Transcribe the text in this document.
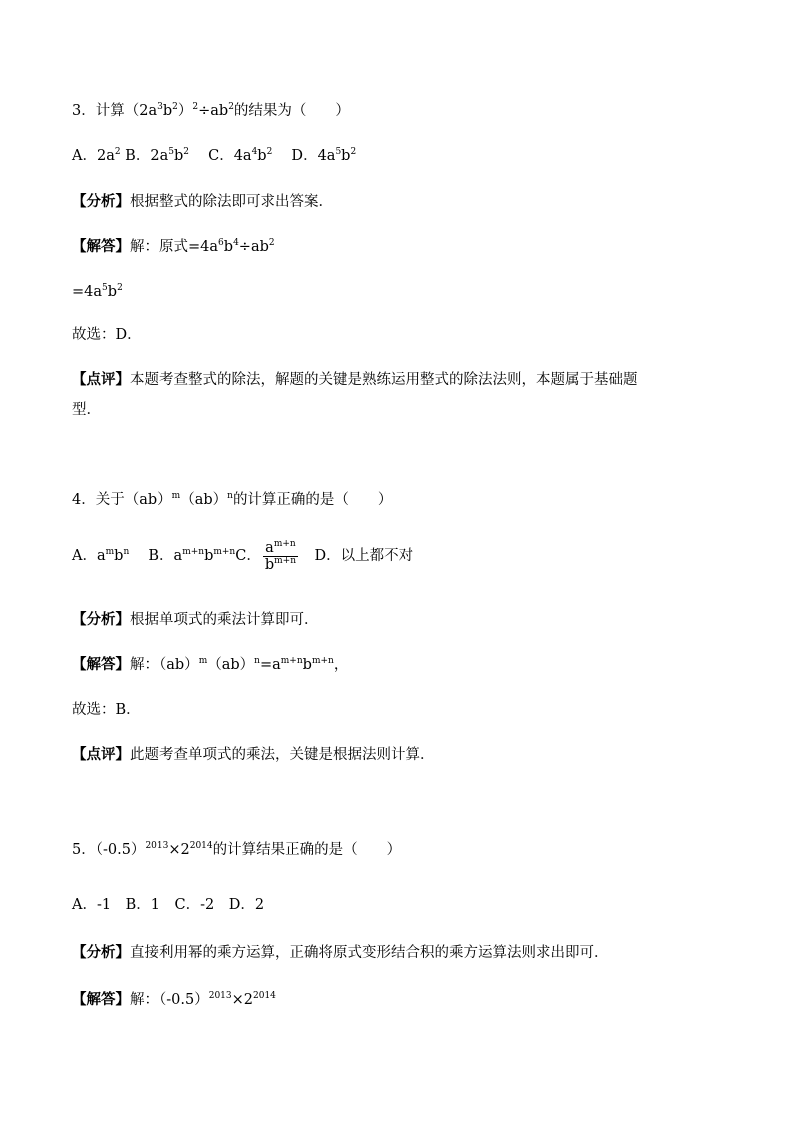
3．计算$(2a^3b^2)^2\div ab^2$的结果为（　　）
A．$2a^2$ B．$2a^5b^2$　 C．$4a^4b^2$　 D．$4a^5b^2$
【分析】根据整式的除法即可求出答案．
【解答】解：原式$=4a^6b^4\div ab^2$
$=4a^5b^2$
故选：D．
【点评】本题考查整式的除法，解题的关键是熟练运用整式的除法法则，本题属于基础题
型．
4．关于（ab）$^m$（ab）$^n$的计算正确的是（　　）
A．$a^mb^n$　 B．$a^{m+n}b^{m+n}C$． $\frac{a^{m+n}}{b^{m+n}}$ 　D．以上都不对
【分析】根据单项式的乘法计算即可．
【解答】解：$(ab)^m(ab)^n=a^{m+n}b^{m+n}$，
故选：B．
【点评】此题考查单项式的乘法，关键是根据法则计算．
5．$(-0.5)^{2013}\times 2^{2014}$的计算结果正确的是（　　）
A．-1　B．1　C．-2　D．2
【分析】直接利用幂的乘方运算，正确将原式变形结合积的乘方运算法则求出即可．
【解答】解：$(-0.5)^{2013}\times 2^{2014}$
